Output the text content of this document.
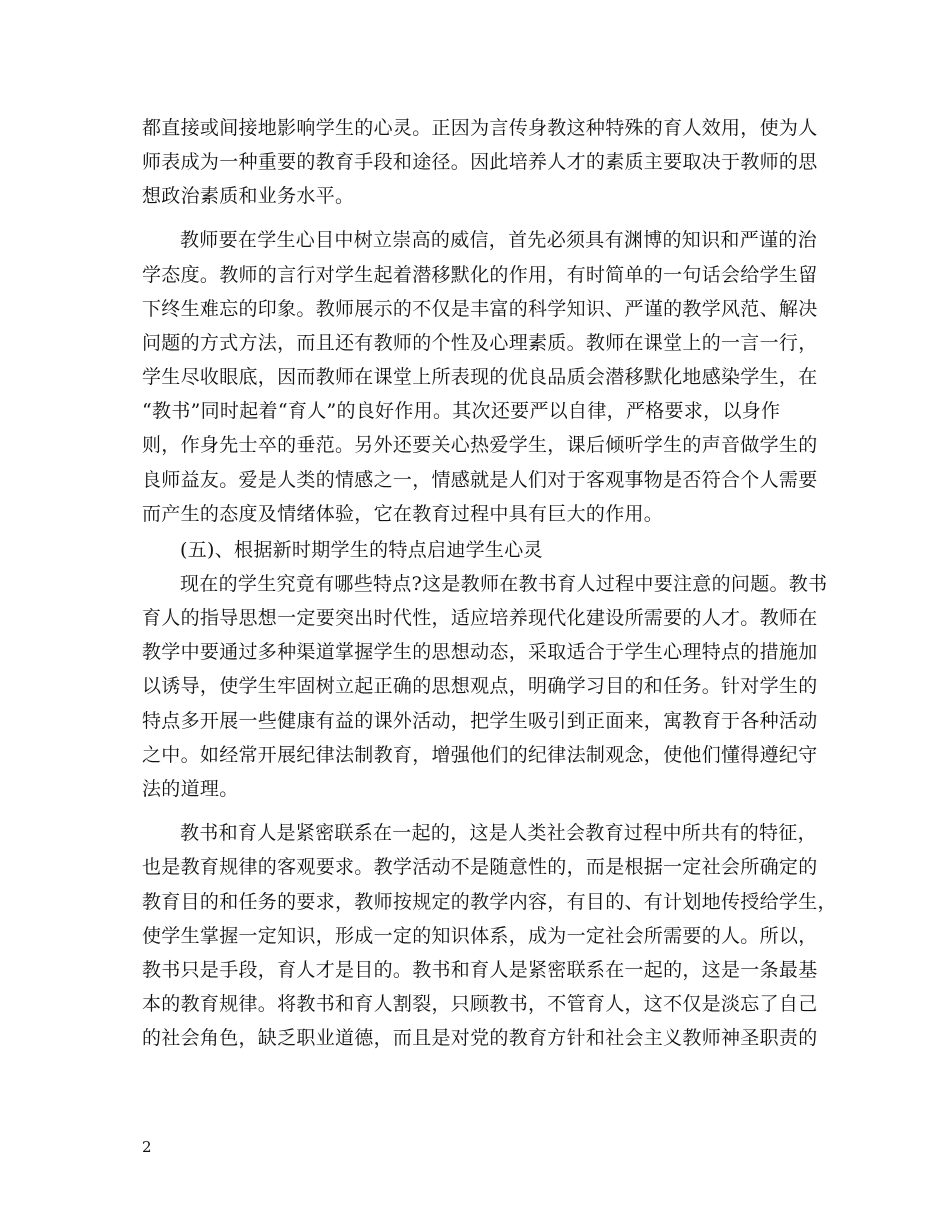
都直接或间接地影响学生的心灵。正因为言传身教这种特殊的育人效用，使为人
师表成为一种重要的教育手段和途径。因此培养人才的素质主要取决于教师的思
想政治素质和业务水平。
教师要在学生心目中树立崇高的威信，首先必须具有渊博的知识和严谨的治
学态度。教师的言行对学生起着潜移默化的作用，有时简单的一句话会给学生留
下终生难忘的印象。教师展示的不仅是丰富的科学知识、严谨的教学风范、解决
问题的方式方法，而且还有教师的个性及心理素质。教师在课堂上的一言一行，
学生尽收眼底，因而教师在课堂上所表现的优良品质会潜移默化地感染学生，在
“教书”同时起着“育人”的良好作用。其次还要严以自律，严格要求，以身作
则，作身先士卒的垂范。另外还要关心热爱学生，课后倾听学生的声音做学生的
良师益友。爱是人类的情感之一，情感就是人们对于客观事物是否符合个人需要
而产生的态度及情绪体验，它在教育过程中具有巨大的作用。
(五)、根据新时期学生的特点启迪学生心灵
现在的学生究竟有哪些特点?这是教师在教书育人过程中要注意的问题。教书
育人的指导思想一定要突出时代性，适应培养现代化建设所需要的人才。教师在
教学中要通过多种渠道掌握学生的思想动态，采取适合于学生心理特点的措施加
以诱导，使学生牢固树立起正确的思想观点，明确学习目的和任务。针对学生的
特点多开展一些健康有益的课外活动，把学生吸引到正面来，寓教育于各种活动
之中。如经常开展纪律法制教育，增强他们的纪律法制观念，使他们懂得遵纪守
法的道理。
教书和育人是紧密联系在一起的，这是人类社会教育过程中所共有的特征，
也是教育规律的客观要求。教学活动不是随意性的，而是根据一定社会所确定的
教育目的和任务的要求，教师按规定的教学内容，有目的、有计划地传授给学生，
使学生掌握一定知识，形成一定的知识体系，成为一定社会所需要的人。所以，
教书只是手段，育人才是目的。教书和育人是紧密联系在一起的，这是一条最基
本的教育规律。将教书和育人割裂，只顾教书，不管育人，这不仅是淡忘了自己
的社会角色，缺乏职业道德，而且是对党的教育方针和社会主义教师神圣职责的
2
